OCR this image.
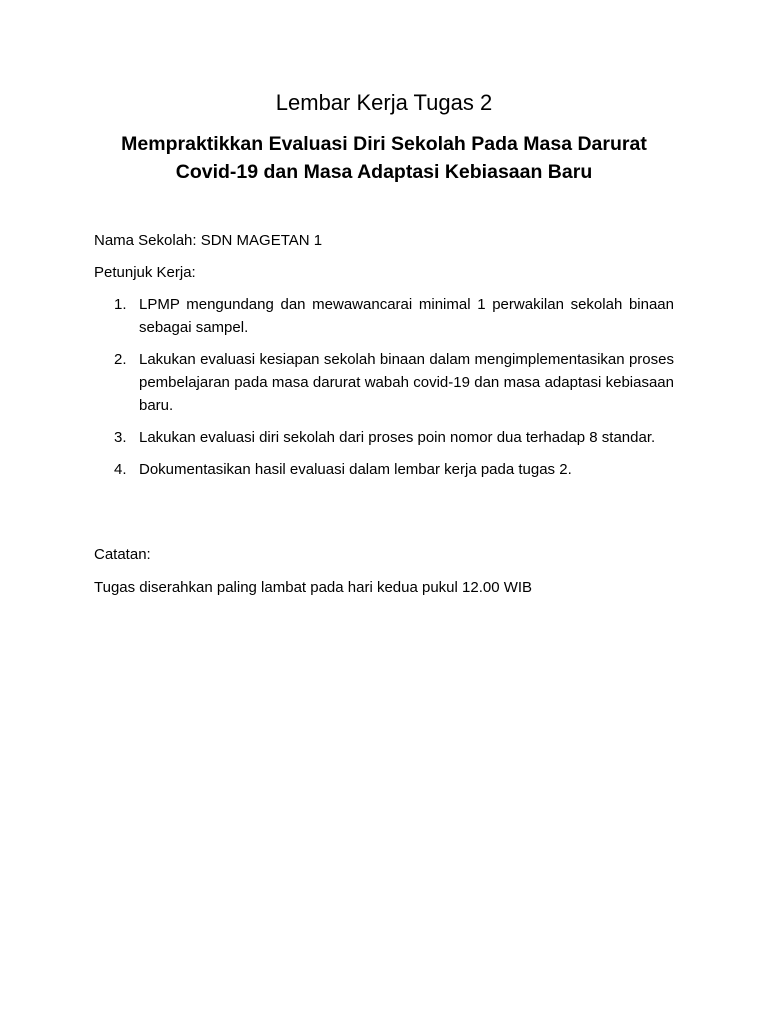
Lembar Kerja Tugas 2
Mempraktikkan Evaluasi Diri Sekolah Pada Masa Darurat
Covid-19 dan Masa Adaptasi Kebiasaan Baru

Nama Sekolah: SDN MAGETAN 1

Petunjuk Kerja:

1. LPMP mengundang dan mewawancarai minimal 1 perwakilan sekolah binaan sebagai sampel.
2. Lakukan evaluasi kesiapan sekolah binaan dalam mengimplementasikan proses pembelajaran pada masa darurat wabah covid-19 dan masa adaptasi kebiasaan baru.
3. Lakukan evaluasi diri sekolah dari proses poin nomor dua terhadap 8 standar.
4. Dokumentasikan hasil evaluasi dalam lembar kerja pada tugas 2.

Catatan:

Tugas diserahkan paling lambat pada hari kedua pukul 12.00 WIB
